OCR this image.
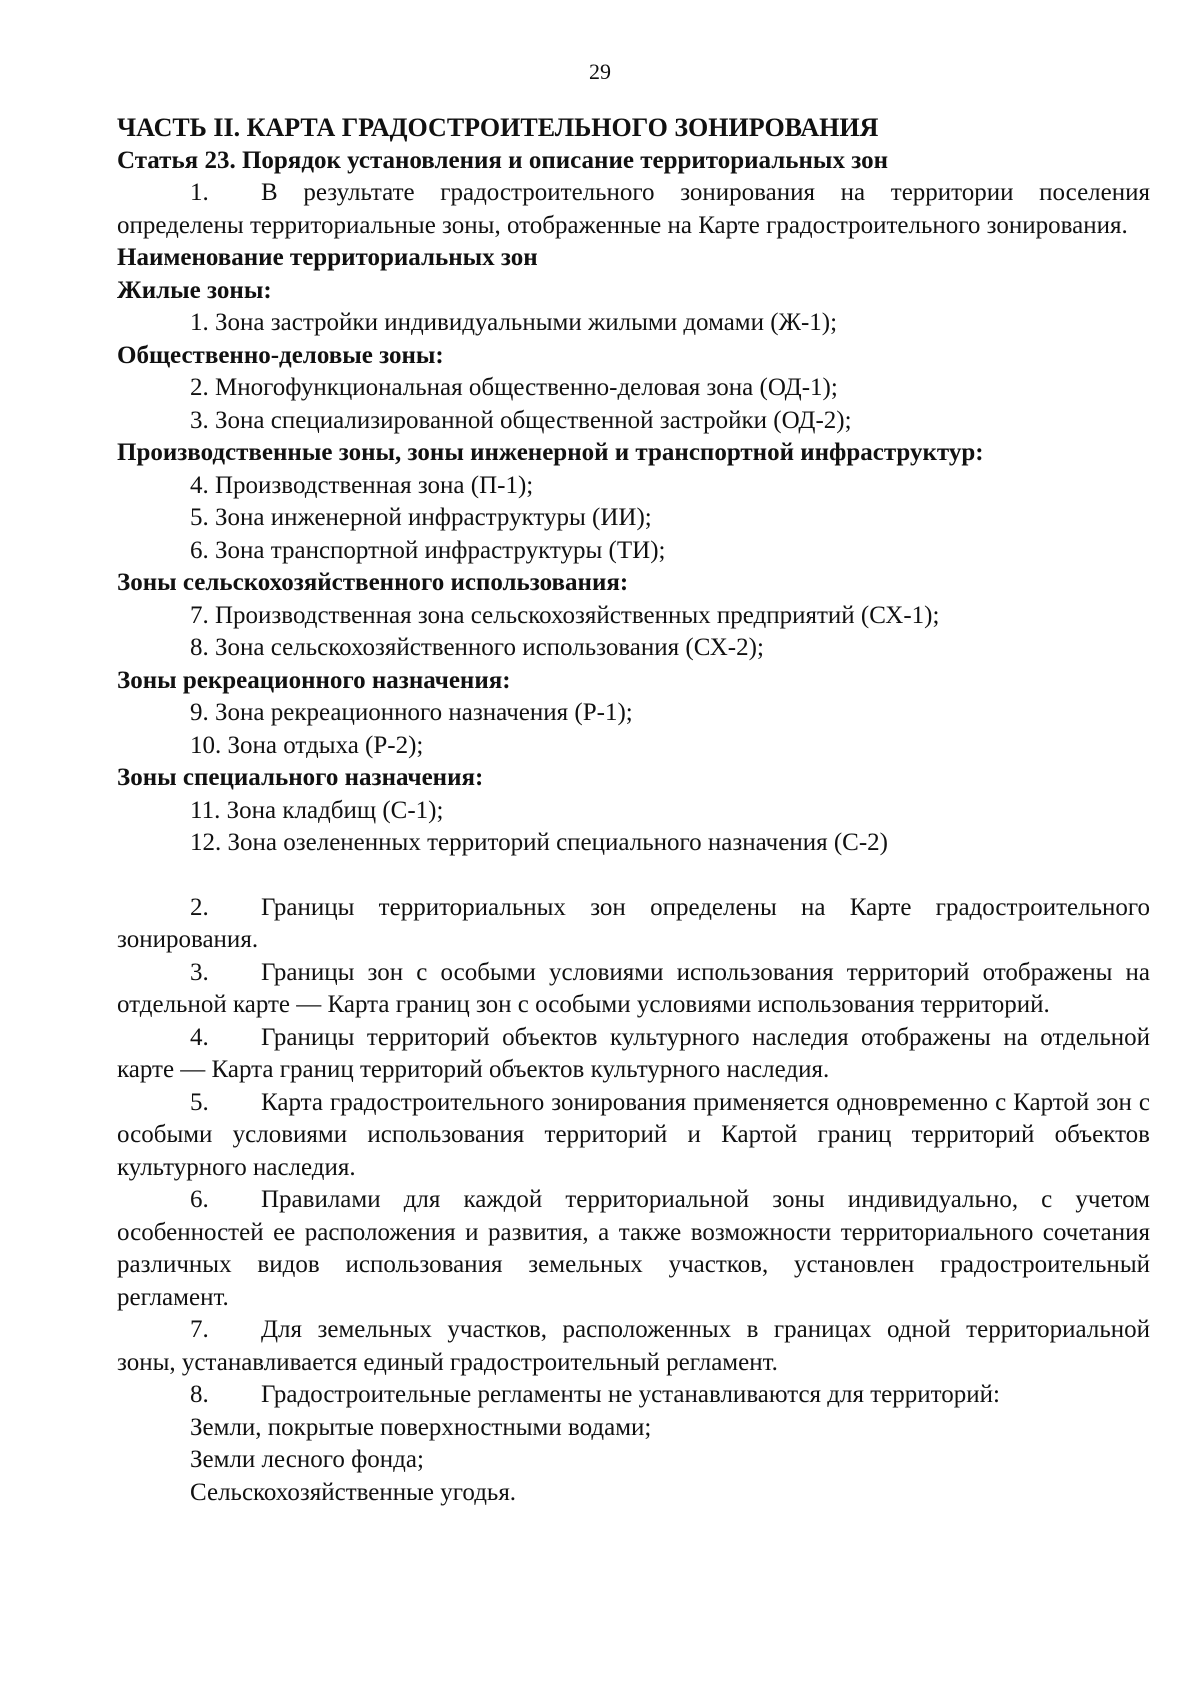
29

ЧАСТЬ II. КАРТА ГРАДОСТРОИТЕЛЬНОГО ЗОНИРОВАНИЯ

Статья 23. Порядок установления и описание территориальных зон

1. В результате градостроительного зонирования на территории поселения определены территориальные зоны, отображенные на Карте градостроительного зонирования.

Наименование территориальных зон

Жилые зоны:

1. Зона застройки индивидуальными жилыми домами (Ж-1);

Общественно-деловые зоны:

2. Многофункциональная общественно-деловая зона (ОД-1);

3. Зона специализированной общественной застройки (ОД-2);

Производственные зоны, зоны инженерной и транспортной инфраструктур:

4. Производственная зона (П-1);

5. Зона инженерной инфраструктуры (ИИ);

6. Зона транспортной инфраструктуры (ТИ);

Зоны сельскохозяйственного использования:

7. Производственная зона сельскохозяйственных предприятий (СХ-1);

8. Зона сельскохозяйственного использования (СХ-2);

Зоны рекреационного назначения:

9. Зона рекреационного назначения (Р-1);

10. Зона отдыха (Р-2);

Зоны специального назначения:

11. Зона кладбищ (С-1);

12. Зона озелененных территорий специального назначения (С-2)

2. Границы территориальных зон определены на Карте градостроительного зонирования.

3. Границы зон с особыми условиями использования территорий отображены на отдельной карте — Карта границ зон с особыми условиями использования территорий.

4. Границы территорий объектов культурного наследия отображены на отдельной карте — Карта границ территорий объектов культурного наследия.

5. Карта градостроительного зонирования применяется одновременно с Картой зон с особыми условиями использования территорий и Картой границ территорий объектов культурного наследия.

6. Правилами для каждой территориальной зоны индивидуально, с учетом особенностей ее расположения и развития, а также возможности территориального сочетания различных видов использования земельных участков, установлен градостроительный регламент.

7. Для земельных участков, расположенных в границах одной территориальной зоны, устанавливается единый градостроительный регламент.

8. Градостроительные регламенты не устанавливаются для территорий:

Земли, покрытые поверхностными водами;

Земли лесного фонда;

Сельскохозяйственные угодья.
